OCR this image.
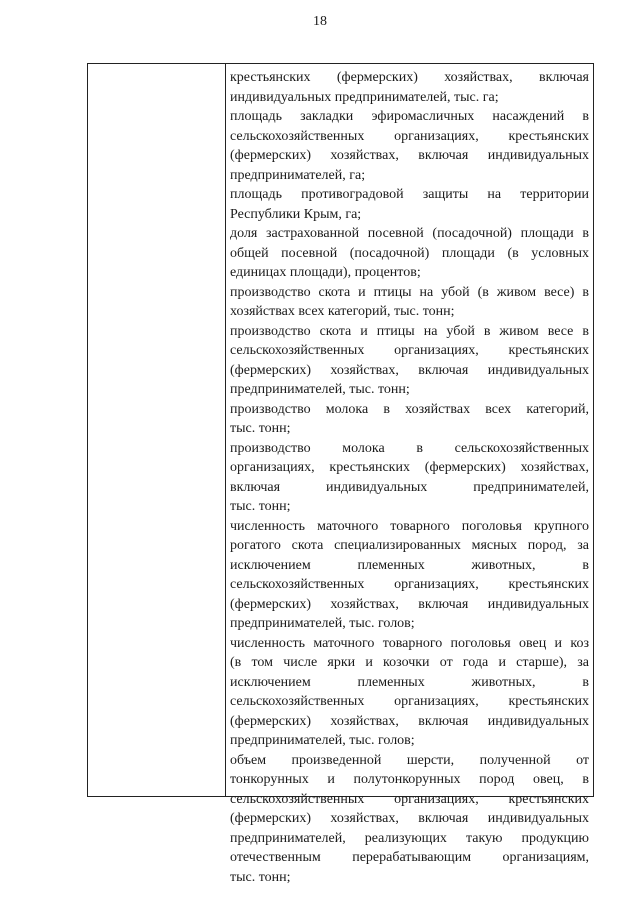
18
крестьянских (фермерских) хозяйствах, включая
индивидуальных предпринимателей, тыс. га;
площадь закладки эфиромасличных насаждений в
сельскохозяйственных организациях, крестьянских
(фермерских) хозяйствах, включая индивидуальных
предпринимателей, га;
площадь противоградовой защиты на территории
Республики Крым, га;
доля застрахованной посевной (посадочной) площади в
общей посевной (посадочной) площади (в условных
единицах площади), процентов;
производство скота и птицы на убой (в живом весе) в
хозяйствах всех категорий, тыс. тонн;
производство скота и птицы на убой в живом весе в
сельскохозяйственных организациях, крестьянских
(фермерских) хозяйствах, включая индивидуальных
предпринимателей, тыс. тонн;
производство молока в хозяйствах всех категорий,
тыс. тонн;
производство молока в сельскохозяйственных
организациях, крестьянских (фермерских) хозяйствах,
включая индивидуальных предпринимателей,
тыс. тонн;
численность маточного товарного поголовья крупного
рогатого скота специализированных мясных пород, за
исключением племенных животных, в
сельскохозяйственных организациях, крестьянских
(фермерских) хозяйствах, включая индивидуальных
предпринимателей, тыс. голов;
численность маточного товарного поголовья овец и коз
(в том числе ярки и козочки от года и старше), за
исключением племенных животных, в
сельскохозяйственных организациях, крестьянских
(фермерских) хозяйствах, включая индивидуальных
предпринимателей, тыс. голов;
объем произведенной шерсти, полученной от
тонкорунных и полутонкорунных пород овец, в
сельскохозяйственных организациях, крестьянских
(фермерских) хозяйствах, включая индивидуальных
предпринимателей, реализующих такую продукцию
отечественным перерабатывающим организациям,
тыс. тонн;
